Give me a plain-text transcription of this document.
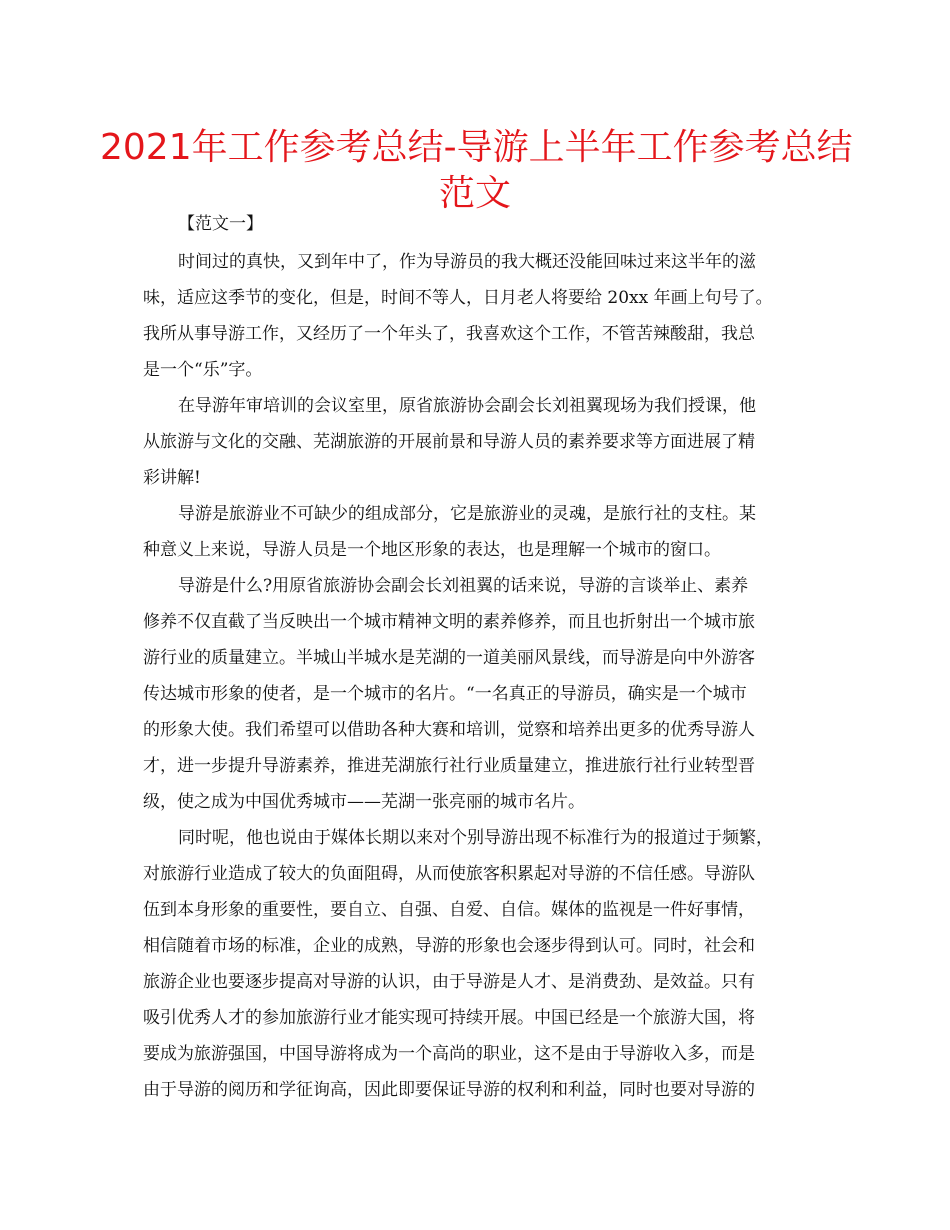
2021年工作参考总结-导游上半年工作参考总结
范文

【范文一】

时间过的真快，又到年中了，作为导游员的我大概还没能回味过来这半年的滋

味，适应这季节的变化，但是，时间不等人，日月老人将要给 20xx 年画上句号了。

我所从事导游工作，又经历了一个年头了，我喜欢这个工作，不管苦辣酸甜，我总

是一个“乐”字。

在导游年审培训的会议室里，原省旅游协会副会长刘祖翼现场为我们授课，他

从旅游与文化的交融、芜湖旅游的开展前景和导游人员的素养要求等方面进展了精

彩讲解!

导游是旅游业不可缺少的组成部分，它是旅游业的灵魂，是旅行社的支柱。某

种意义上来说，导游人员是一个地区形象的表达，也是理解一个城市的窗口。

导游是什么?用原省旅游协会副会长刘祖翼的话来说，导游的言谈举止、素养

修养不仅直截了当反映出一个城市精神文明的素养修养，而且也折射出一个城市旅

游行业的质量建立。半城山半城水是芜湖的一道美丽风景线，而导游是向中外游客

传达城市形象的使者，是一个城市的名片。“一名真正的导游员，确实是一个城市

的形象大使。我们希望可以借助各种大赛和培训，觉察和培养出更多的优秀导游人

才，进一步提升导游素养，推进芜湖旅行社行业质量建立，推进旅行社行业转型晋

级，使之成为中国优秀城市——芜湖一张亮丽的城市名片。

同时呢，他也说由于媒体长期以来对个别导游出现不标准行为的报道过于频繁，

对旅游行业造成了较大的负面阻碍，从而使旅客积累起对导游的不信任感。导游队

伍到本身形象的重要性，要自立、自强、自爱、自信。媒体的监视是一件好事情，

相信随着市场的标准，企业的成熟，导游的形象也会逐步得到认可。同时，社会和

旅游企业也要逐步提高对导游的认识，由于导游是人才、是消费劲、是效益。只有

吸引优秀人才的参加旅游行业才能实现可持续开展。中国已经是一个旅游大国，将

要成为旅游强国，中国导游将成为一个高尚的职业，这不是由于导游收入多，而是

由于导游的阅历和学征询高，因此即要保证导游的权利和利益，同时也要对导游的
